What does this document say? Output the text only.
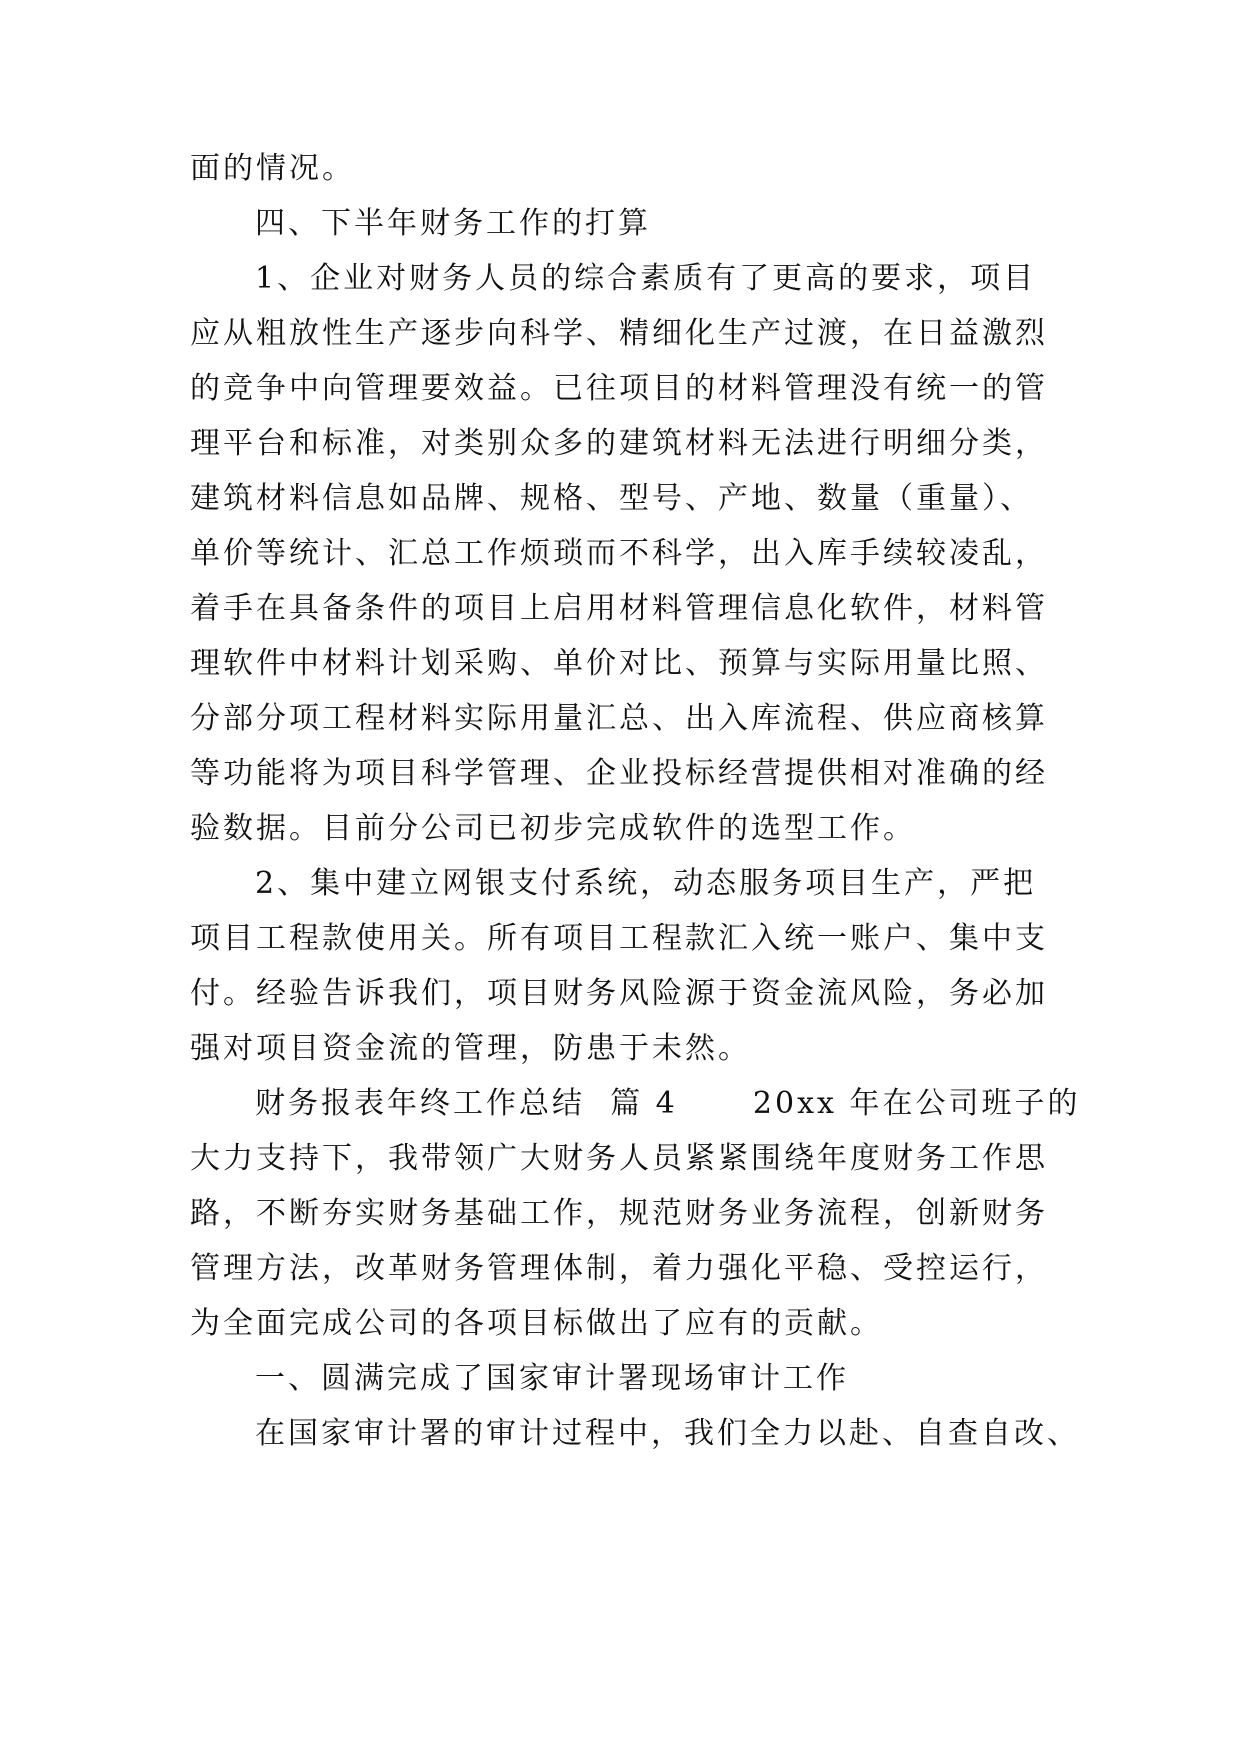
面的情况。
四、下半年财务工作的打算
1、企业对财务人员的综合素质有了更高的要求，项目
应从粗放性生产逐步向科学、精细化生产过渡，在日益激烈
的竞争中向管理要效益。已往项目的材料管理没有统一的管
理平台和标准，对类别众多的建筑材料无法进行明细分类，
建筑材料信息如品牌、规格、型号、产地、数量（重量）、
单价等统计、汇总工作烦琐而不科学，出入库手续较凌乱，
着手在具备条件的项目上启用材料管理信息化软件，材料管
理软件中材料计划采购、单价对比、预算与实际用量比照、
分部分项工程材料实际用量汇总、出入库流程、供应商核算
等功能将为项目科学管理、企业投标经营提供相对准确的经
验数据。目前分公司已初步完成软件的选型工作。
2、集中建立网银支付系统，动态服务项目生产，严把
项目工程款使用关。所有项目工程款汇入统一账户、集中支
付。经验告诉我们，项目财务风险源于资金流风险，务必加
强对项目资金流的管理，防患于未然。
财务报表年终工作总结  篇 4      20xx 年在公司班子的
大力支持下，我带领广大财务人员紧紧围绕年度财务工作思
路，不断夯实财务基础工作，规范财务业务流程，创新财务
管理方法，改革财务管理体制，着力强化平稳、受控运行，
为全面完成公司的各项目标做出了应有的贡献。
一、圆满完成了国家审计署现场审计工作
在国家审计署的审计过程中，我们全力以赴、自查自改、
